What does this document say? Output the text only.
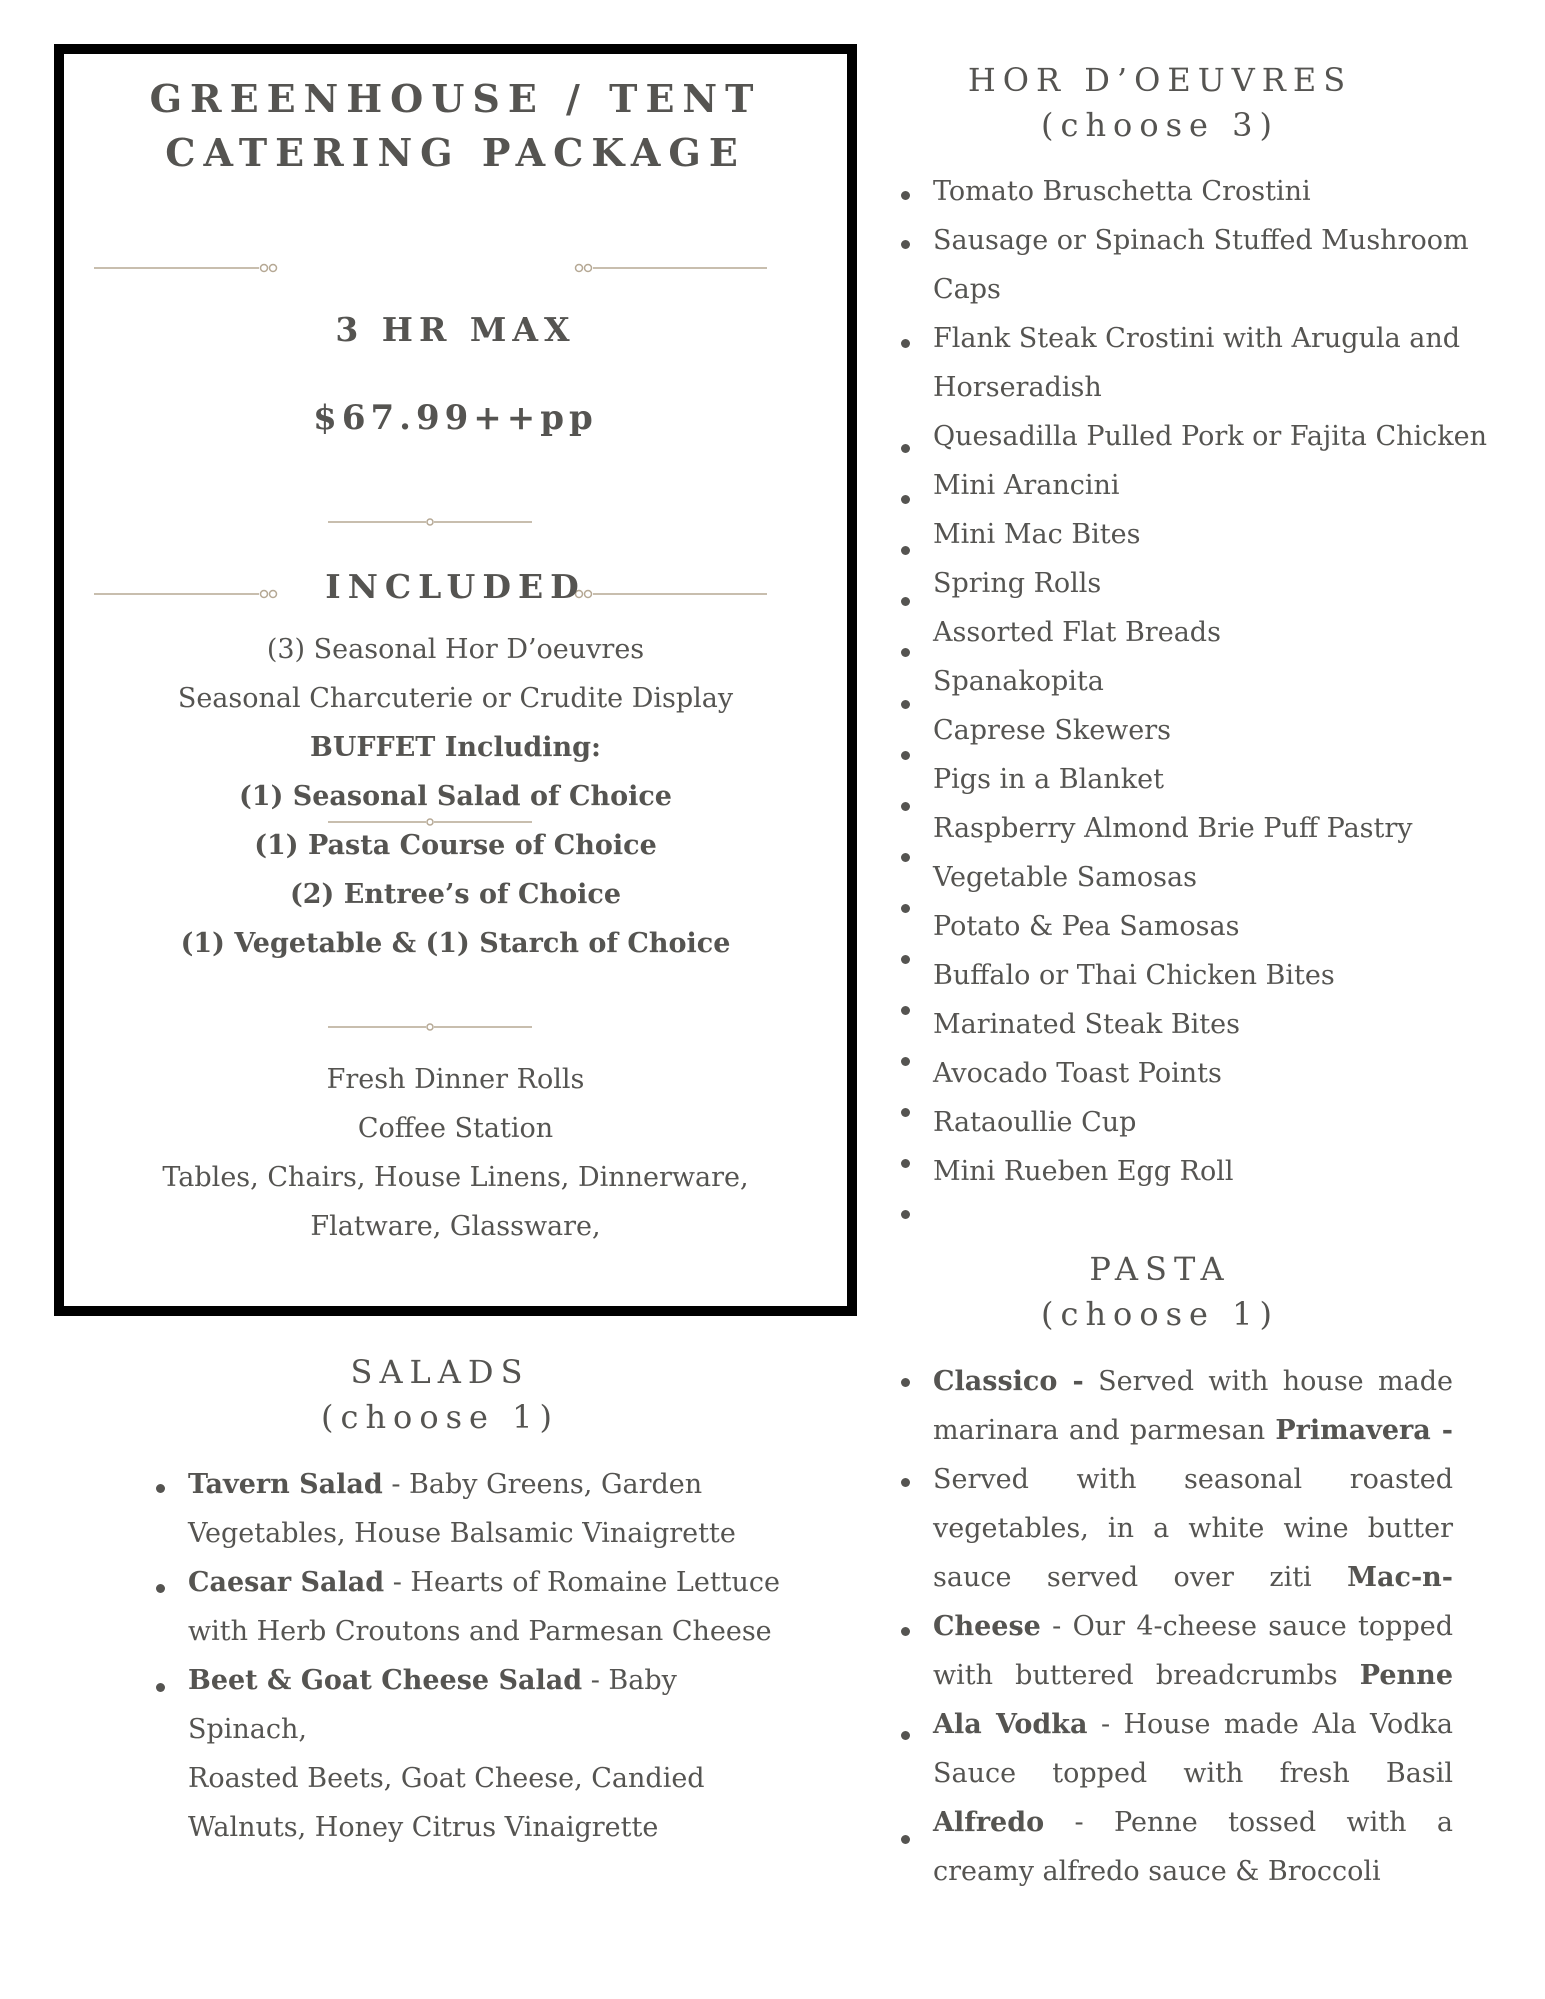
GREENHOUSE / TENT
CATERING PACKAGE
3 HR MAX
$67.99++pp
INCLUDED
(3) Seasonal Hor D’oeuvres
Seasonal Charcuterie or Crudite Display
BUFFET Including:
(1) Seasonal Salad of Choice
(1) Pasta Course of Choice
(2) Entree’s of Choice
(1) Vegetable & (1) Starch of Choice
Fresh Dinner Rolls
Coffee Station
Tables, Chairs, House Linens, Dinnerware,
Flatware, Glassware,
HOR D’OEUVRES
(choose 3)
Tomato Bruschetta Crostini
Sausage or Spinach Stuffed Mushroom
Caps
Flank Steak Crostini with Arugula and
Horseradish
Quesadilla Pulled Pork or Fajita Chicken
Mini Arancini
Mini Mac Bites
Spring Rolls
Assorted Flat Breads
Spanakopita
Caprese Skewers
Pigs in a Blanket
Raspberry Almond Brie Puff Pastry
Vegetable Samosas
Potato & Pea Samosas
Buffalo or Thai Chicken Bites
Marinated Steak Bites
Avocado Toast Points
Rataoullie Cup
Mini Rueben Egg Roll
PASTA
(choose 1)
Classico - Served with house made marinara and parmesan Primavera - Served with seasonal roasted vegetables, in a white wine butter sauce served over ziti Mac-n-Cheese - Our 4-cheese sauce topped with buttered breadcrumbs Penne Ala Vodka - House made Ala Vodka Sauce topped with fresh Basil Alfredo - Penne tossed with a creamy alfredo sauce & Broccoli
SALADS
(choose 1)
Tavern Salad - Baby Greens, Garden
Vegetables, House Balsamic Vinaigrette
Caesar Salad - Hearts of Romaine Lettuce
with Herb Croutons and Parmesan Cheese
Beet & Goat Cheese Salad - Baby Spinach,
Roasted Beets, Goat Cheese, Candied
Walnuts, Honey Citrus Vinaigrette
